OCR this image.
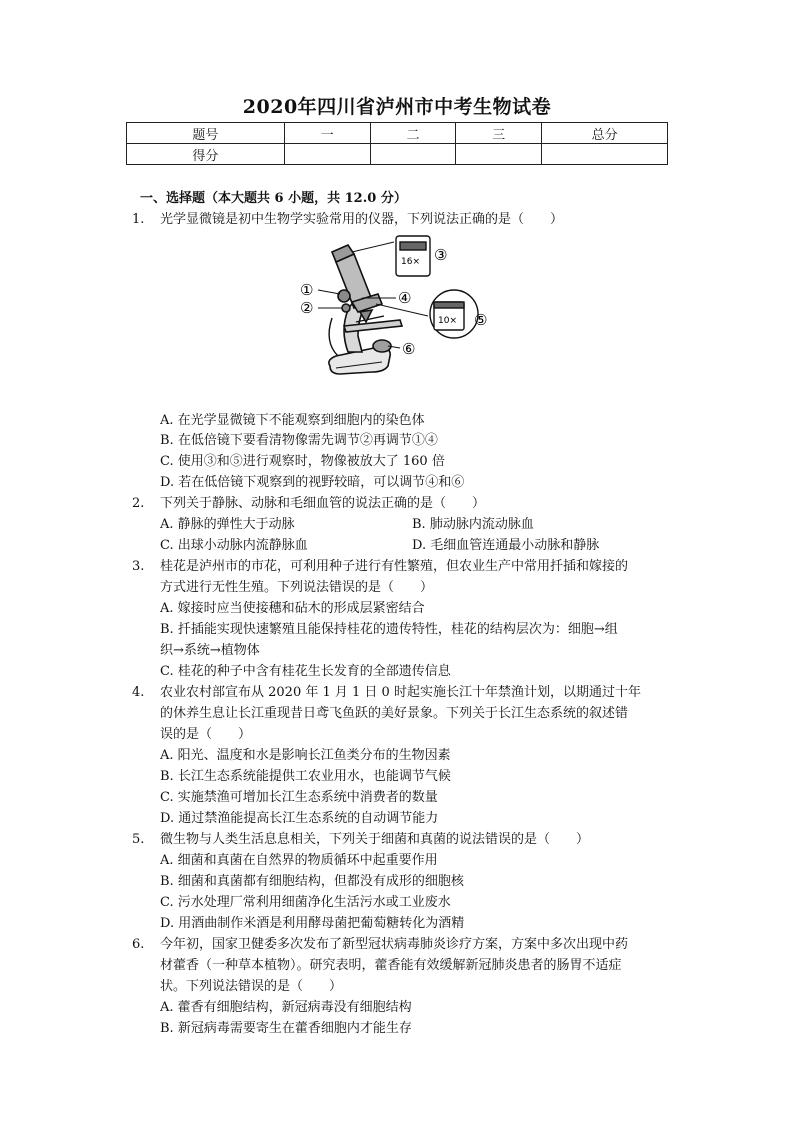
2020年四川省泸州市中考生物试卷
题号	一	二	三	总分
得分				
一、选择题（本大题共 6 小题，共 12.0 分）
16×
10×
①
②
③
④
⑤
⑥
1. 光学显微镜是初中生物学实验常用的仪器，下列说法正确的是（　　）
A. 在光学显微镜下不能观察到细胞内的染色体
B. 在低倍镜下要看清物像需先调节②再调节①④
C. 使用③和⑤进行观察时，物像被放大了 160 倍
D. 若在低倍镜下观察到的视野较暗，可以调节④和⑥
2. 下列关于静脉、动脉和毛细血管的说法正确的是（　　）
A. 静脉的弹性大于动脉	B. 肺动脉内流动脉血
C. 出球小动脉内流静脉血	D. 毛细血管连通最小动脉和静脉
3. 桂花是泸州市的市花，可利用种子进行有性繁殖，但农业生产中常用扦插和嫁接的
方式进行无性生殖。下列说法错误的是（　　）
A. 嫁接时应当使接穗和砧木的形成层紧密结合
B. 扦插能实现快速繁殖且能保持桂花的遗传特性，桂花的结构层次为：细胞→组
织→系统→植物体
C. 桂花的种子中含有桂花生长发育的全部遗传信息
4. 农业农村部宣布从 2020 年 1 月 1 日 0 时起实施长江十年禁渔计划，以期通过十年
的休养生息让长江重现昔日鸢飞鱼跃的美好景象。下列关于长江生态系统的叙述错
误的是（　　）
A. 阳光、温度和水是影响长江鱼类分布的生物因素
B. 长江生态系统能提供工农业用水，也能调节气候
C. 实施禁渔可增加长江生态系统中消费者的数量
D. 通过禁渔能提高长江生态系统的自动调节能力
5. 微生物与人类生活息息相关，下列关于细菌和真菌的说法错误的是（　　）
A. 细菌和真菌在自然界的物质循环中起重要作用
B. 细菌和真菌都有细胞结构，但都没有成形的细胞核
C. 污水处理厂常利用细菌净化生活污水或工业废水
D. 用酒曲制作米酒是利用酵母菌把葡萄糖转化为酒精
6. 今年初，国家卫健委多次发布了新型冠状病毒肺炎诊疗方案，方案中多次出现中药
材藿香（一种草本植物）。研究表明，藿香能有效缓解新冠肺炎患者的肠胃不适症
状。下列说法错误的是（　　）
A. 藿香有细胞结构，新冠病毒没有细胞结构
B. 新冠病毒需要寄生在藿香细胞内才能生存
